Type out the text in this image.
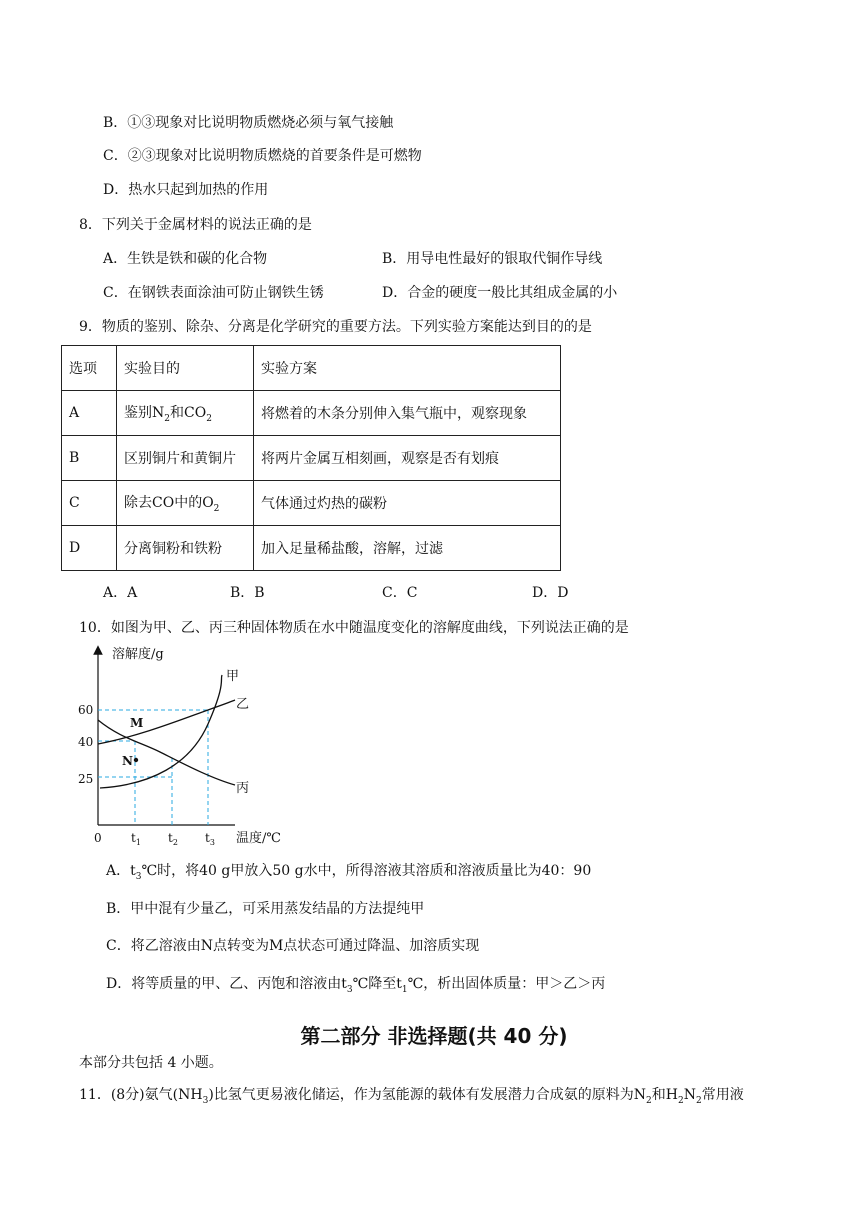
B．①③现象对比说明物质燃烧必须与氧气接触
C．②③现象对比说明物质燃烧的首要条件是可燃物
D．热水只起到加热的作用
8．下列关于金属材料的说法正确的是
A．生铁是铁和碳的化合物	B．用导电性最好的银取代铜作导线
C．在钢铁表面涂油可防止钢铁生锈	D．合金的硬度一般比其组成金属的小
9．物质的鉴别、除杂、分离是化学研究的重要方法。下列实验方案能达到目的的是
选项	实验目的	实验方案
A	鉴别$N_2$和$CO_2$	将燃着的木条分别伸入集气瓶中，观察现象
B	区别铜片和黄铜片	将两片金属互相刻画，观察是否有划痕
C	除去CO中的$O_2$	气体通过灼热的碳粉
D	分离铜粉和铁粉	加入足量稀盐酸，溶解，过滤
A．A	B．B	C．C	D．D
10．如图为甲、乙、丙三种固体物质在水中随温度变化的溶解度曲线，下列说法正确的是
溶解度/g
温度/℃
60
40
25
0 $t_1$ $t_2$ $t_3$
甲
乙
丙
M
N
A．$t_3℃$时，将40 g甲放入50 g水中，所得溶液其溶质和溶液质量比为40：90
B．甲中混有少量乙，可采用蒸发结晶的方法提纯甲
C．将乙溶液由N点转变为M点状态可通过降温、加溶质实现
D．将等质量的甲、乙、丙饱和溶液由$t_3℃$降至$t_1℃$，析出固体质量：甲＞乙＞丙
第二部分 非选择题(共 40 分)
本部分共包括 4 小题。
11．(8分)氨气$(NH_3)$比氢气更易液化储运，作为氢能源的载体有发展潜力合成氨的原料为$N_2$和$H_2N_2$常用液
